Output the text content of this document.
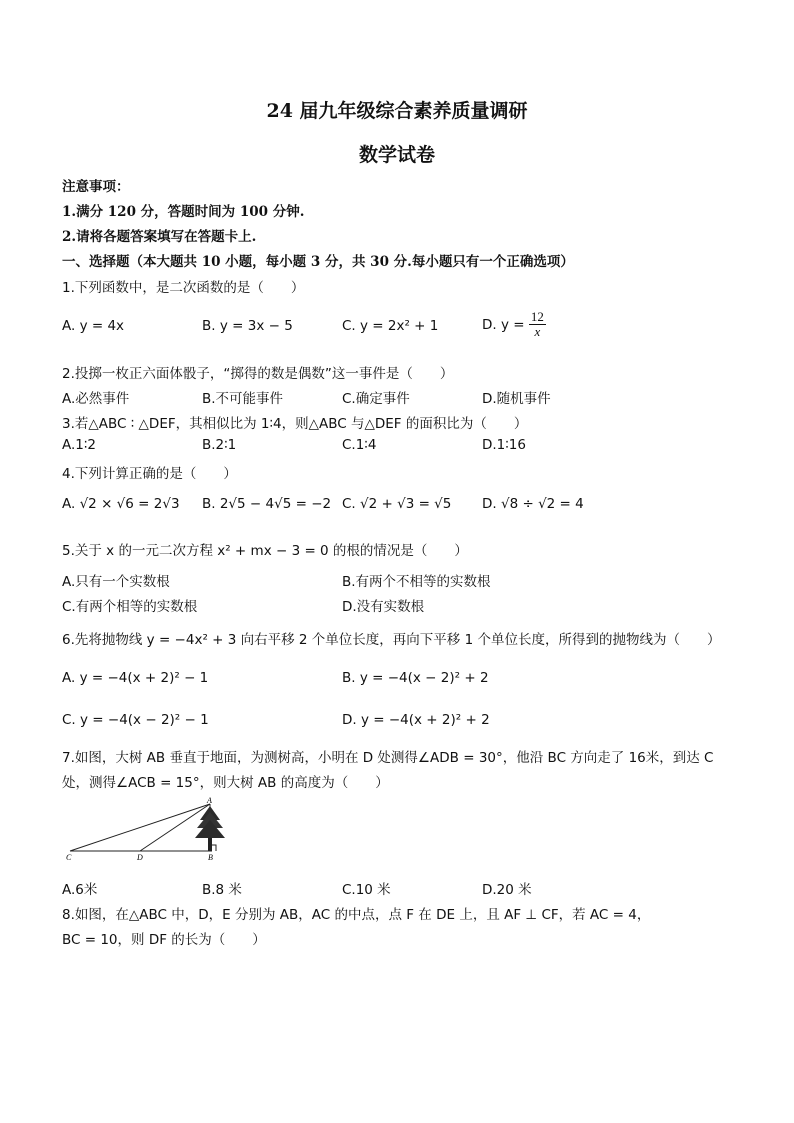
24 届九年级综合素养质量调研
数学试卷
注意事项：
1.满分 120 分，答题时间为 100 分钟.
2.请将各题答案填写在答题卡上.
一、选择题（本大题共 10 小题，每小题 3 分，共 30 分.每小题只有一个正确选项）
1.下列函数中，是二次函数的是（　　）
A. y = 4x	B. y = 3x − 5	C. y = 2x² + 1	D. $y = \frac{12}{x}$
2.投掷一枚正六面体骰子，“掷得的数是偶数”这一事件是（　　）
A.必然事件	B.不可能事件	C.确定事件	D.随机事件
3.若△ABC ∶ △DEF，其相似比为 1∶4，则△ABC 与△DEF 的面积比为（　　）
A.1∶2	B.2∶1	C.1∶4	D.1∶16
4.下列计算正确的是（　　）
A. √2 × √6 = 2√3 B. 2√5 − 4√5 = −2 C. √2 + √3 = √5 D. √8 ÷ √2 = 4
5.关于 x 的一元二次方程 x² + mx − 3 = 0 的根的情况是（　　）
A.只有一个实数根	B.有两个不相等的实数根
C.有两个相等的实数根	D.没有实数根
6.先将抛物线 y = −4x² + 3 向右平移 2 个单位长度，再向下平移 1 个单位长度，所得到的抛物线为（　　）
A. y = −4(x + 2)² − 1	B. y = −4(x − 2)² + 2
C. y = −4(x − 2)² − 1	D. y = −4(x + 2)² + 2
7.如图，大树 AB 垂直于地面，为测树高，小明在 D 处测得∠ADB = 30°，他沿 BC 方向走了 16米，到达 C
处，测得∠ACB = 15°，则大树 AB 的高度为（　　）
A
B
C	D
A.6米	B.8 米	C.10 米	D.20 米
8.如图，在△ABC 中，D，E 分别为 AB，AC 的中点，点 F 在 DE 上，且 AF ⊥ CF，若 AC = 4，
BC = 10，则 DF 的长为（　　）
